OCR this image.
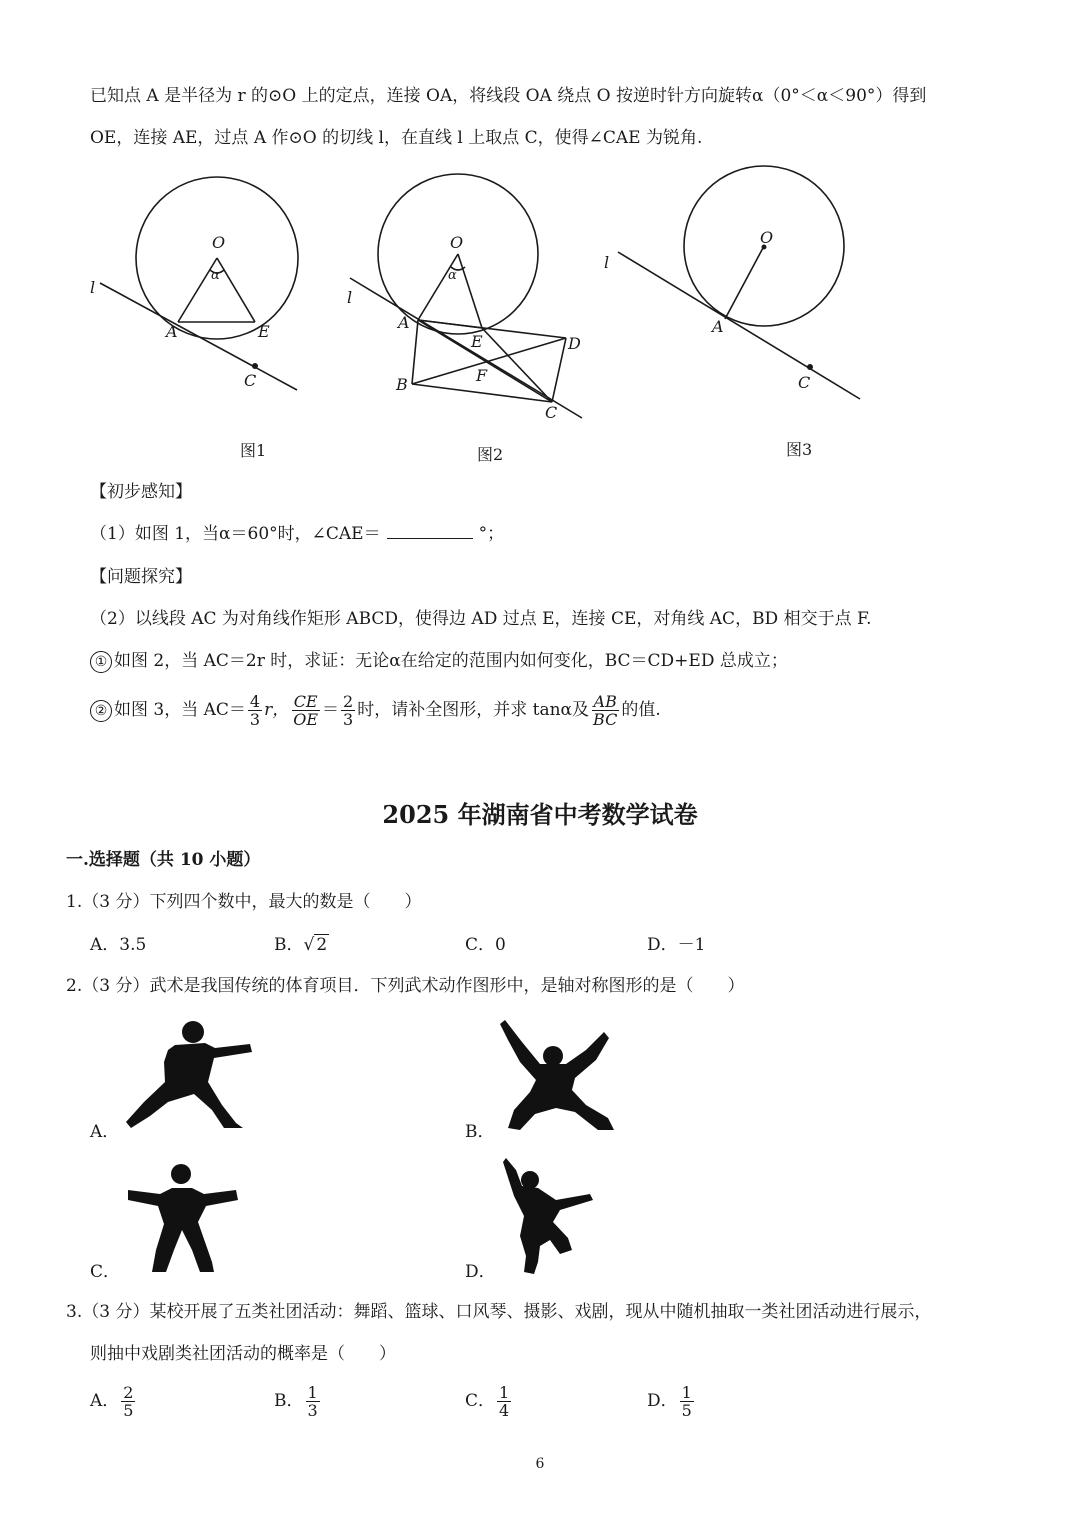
已知点 A 是半径为 r 的⊙O 上的定点，连接 OA，将线段 OA 绕点 O 按逆时针方向旋转α（0°＜α＜90°）得到
OE，连接 AE，过点 A 作⊙O 的切线 l，在直线 l 上取点 C，使得∠CAE 为锐角.
O
α
A	E
C
l
O
α
A
E	D
F
B
C
l
O
A
C
l
图1	图2	图3
【初步感知】
（1）如图 1，当α＝60°时，∠CAE＝	°；
【问题探究】
（2）以线段 AC 为对角线作矩形 ABCD，使得边 AD 过点 E，连接 CE，对角线 AC，BD 相交于点 F.
① 如图 2，当 AC＝2r 时，求证：无论α在给定的范围内如何变化，BC＝CD+ED 总成立；
② 如图 3，当 $AC= \frac{4}{3}$ r， $\frac{CE}{OE} = \frac{2}{3}$ 时，请补全图形，并求 tanα及 $\frac{AB}{BC}$ 的值.
2025 年湖南省中考数学试卷
一.选择题（共 10 小题）
1.（3 分）下列四个数中，最大的数是（　　）
A．3.5	B．√ 2	C．0	D．－1
2.（3 分）武术是我国传统的体育项目．下列武术动作图形中，是轴对称图形的是（　　）
A．	B．
C．	D．
3.（3 分）某校开展了五类社团活动：舞蹈、篮球、口风琴、摄影、戏剧，现从中随机抽取一类社团活动进行展示，
则抽中戏剧类社团活动的概率是（　　）
A． $\frac{2}{5}$	B． $\frac{1}{3}$	C． $\frac{1}{4}$	D． $\frac{1}{5}$
6
